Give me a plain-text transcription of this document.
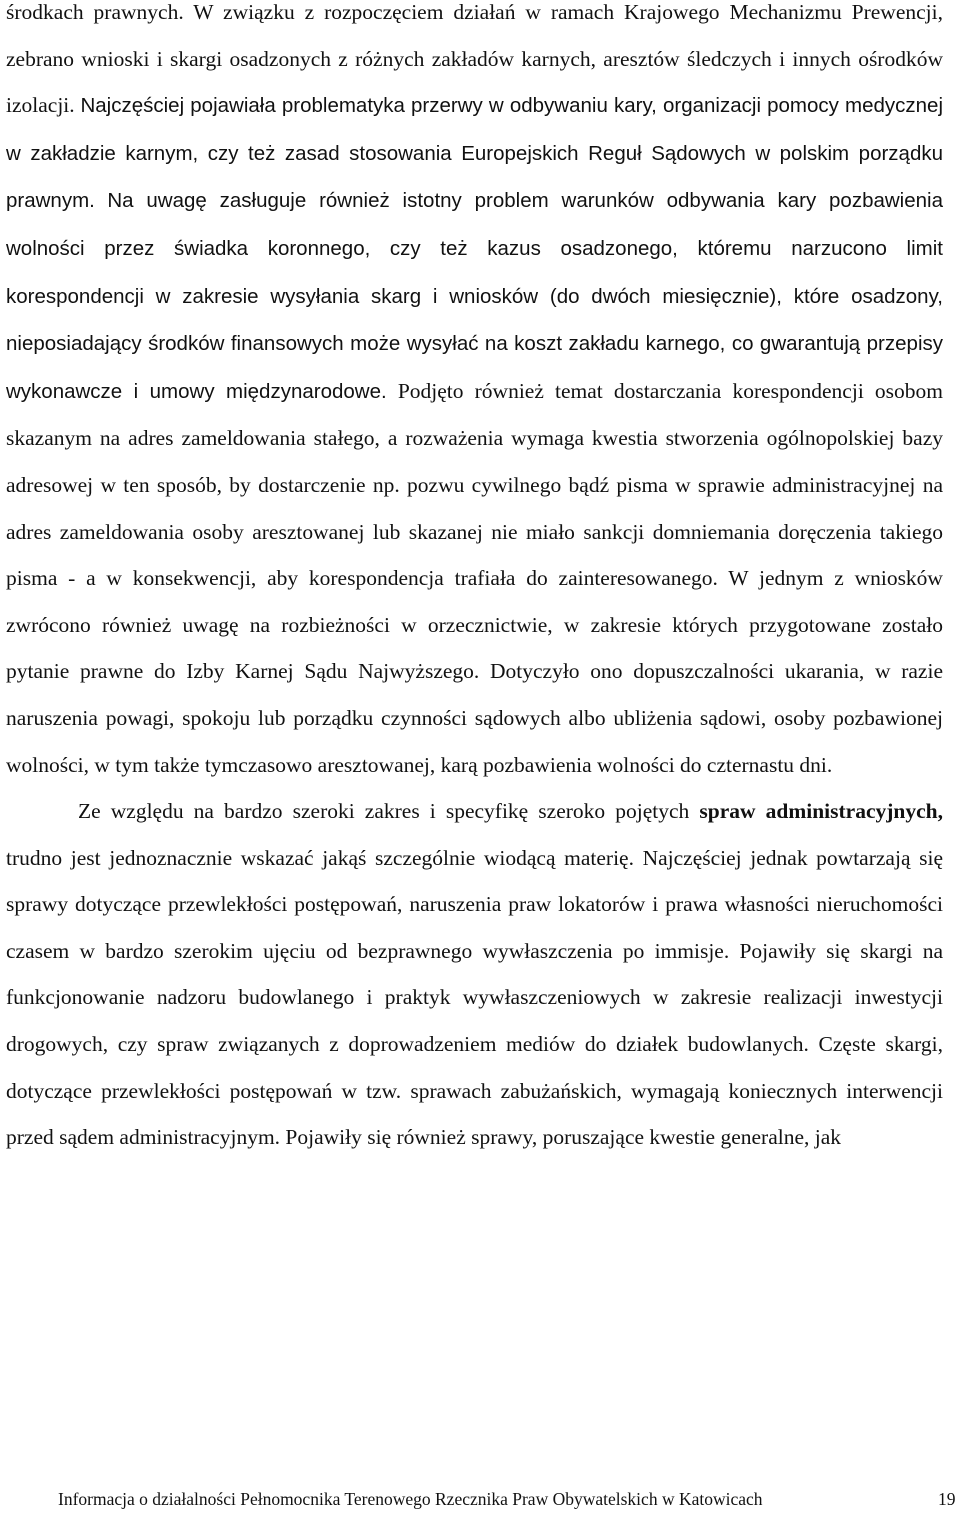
środkach prawnych. W związku z rozpoczęciem działań w ramach Krajowego Mechanizmu Prewencji, zebrano wnioski i skargi osadzonych z różnych zakładów karnych, aresztów śledczych i innych ośrodków izolacji. Najczęściej pojawiała problematyka przerwy w odbywaniu kary, organizacji pomocy medycznej w zakładzie karnym, czy też zasad stosowania Europejskich Reguł Sądowych w polskim porządku prawnym. Na uwagę zasługuje również istotny problem warunków odbywania kary pozbawienia wolności przez świadka koronnego, czy też kazus osadzonego, któremu narzucono limit korespondencji w zakresie wysyłania skarg i wniosków (do dwóch miesięcznie), które osadzony, nieposiadający środków finansowych może wysyłać na koszt zakładu karnego, co gwarantują przepisy wykonawcze i umowy międzynarodowe. Podjęto również temat dostarczania korespondencji osobom skazanym na adres zameldowania stałego, a rozważenia wymaga kwestia stworzenia ogólnopolskiej bazy adresowej w ten sposób, by dostarczenie np. pozwu cywilnego bądź pisma w sprawie administracyjnej na adres zameldowania osoby aresztowanej lub skazanej nie miało sankcji domniemania doręczenia takiego pisma - a w konsekwencji, aby korespondencja trafiała do zainteresowanego. W jednym z wniosków zwrócono również uwagę na rozbieżności w orzecznictwie, w zakresie których przygotowane zostało pytanie prawne do Izby Karnej Sądu Najwyższego. Dotyczyło ono dopuszczalności ukarania, w razie naruszenia powagi, spokoju lub porządku czynności sądowych albo ubliżenia sądowi, osoby pozbawionej wolności, w tym także tymczasowo aresztowanej, karą pozbawienia wolności do czternastu dni.

Ze względu na bardzo szeroki zakres i specyfikę szeroko pojętych spraw administracyjnych, trudno jest jednoznacznie wskazać jakąś szczególnie wiodącą materię. Najczęściej jednak powtarzają się sprawy dotyczące przewlekłości postępowań, naruszenia praw lokatorów i prawa własności nieruchomości czasem w bardzo szerokim ujęciu od bezprawnego wywłaszczenia po immisje. Pojawiły się skargi na funkcjonowanie nadzoru budowlanego i praktyk wywłaszczeniowych w zakresie realizacji inwestycji drogowych, czy spraw związanych z doprowadzeniem mediów do działek budowlanych. Częste skargi, dotyczące przewlekłości postępowań w tzw. sprawach zabużańskich, wymagają koniecznych interwencji przed sądem administracyjnym. Pojawiły się również sprawy, poruszające kwestie generalne, jak

Informacja o działalności Pełnomocnika Terenowego Rzecznika Praw Obywatelskich w Katowicach	19
